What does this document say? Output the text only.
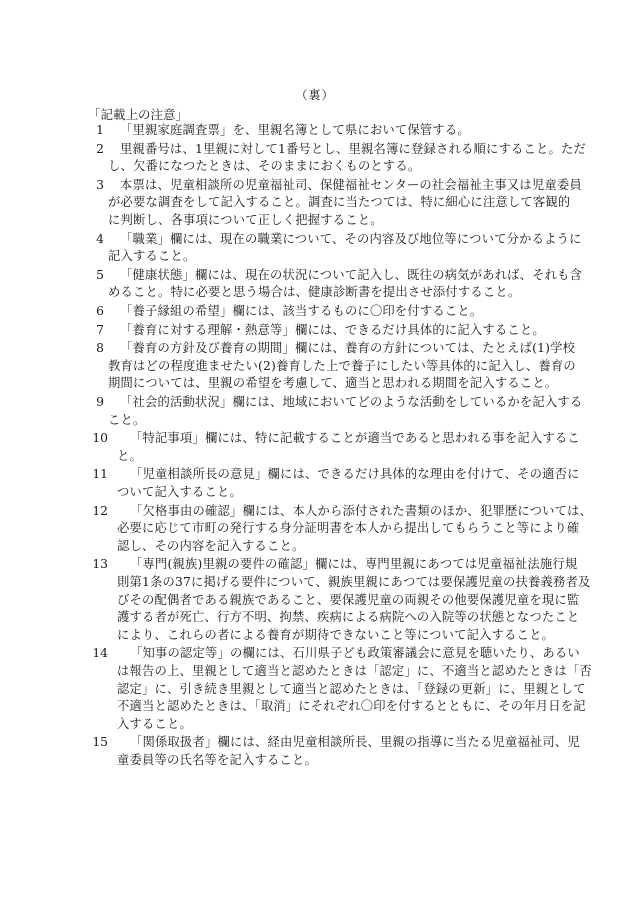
（裏）
「記載上の注意」
1 「里親家庭調査票」を、里親名簿として県において保管する。
2 里親番号は、1里親に対して1番号とし、里親名簿に登録される順にすること。ただ
し、欠番になつたときは、そのままにおくものとする。
3 本票は、児童相談所の児童福祉司、保健福祉センターの社会福祉主事又は児童委員
が必要な調査をして記入すること。調査に当たつては、特に細心に注意して客観的
に判断し、各事項について正しく把握すること。
4 「職業」欄には、現在の職業について、その内容及び地位等について分かるように
記入すること。
5 「健康状態」欄には、現在の状況について記入し、既往の病気があれば、それも含
めること。特に必要と思う場合は、健康診断書を提出させ添付すること。
6 「養子縁組の希望」欄には、該当するものに〇印を付すること。
7 「養育に対する理解・熱意等」欄には、できるだけ具体的に記入すること。
8 「養育の方針及び養育の期間」欄には、養育の方針については、たとえば(1)学校
教育はどの程度進ませたい(2)養育した上で養子にしたい等具体的に記入し、養育の
期間については、里親の希望を考慮して、適当と思われる期間を記入すること。
9 「社会的活動状況」欄には、地域においてどのような活動をしているかを記入する
こと。
10 「特記事項」欄には、特に記載することが適当であると思われる事を記入するこ
と。
11 「児童相談所長の意見」欄には、できるだけ具体的な理由を付けて、その適否に
ついて記入すること。
12 「欠格事由の確認」欄には、本人から添付された書類のほか、犯罪歴については、
必要に応じて市町の発行する身分証明書を本人から提出してもらうこと等により確
認し、その内容を記入すること。
13 「専門(親族)里親の要件の確認」欄には、専門里親にあつては児童福祉法施行規
則第1条の37に掲げる要件について、親族里親にあつては要保護児童の扶養義務者及
びその配偶者である親族であること、要保護児童の両親その他要保護児童を現に監
護する者が死亡、行方不明、拘禁、疾病による病院への入院等の状態となつたこと
により、これらの者による養育が期待できないこと等について記入すること。
14 「知事の認定等」の欄には、石川県子ども政策審議会に意見を聴いたり、あるい
は報告の上、里親として適当と認めたときは「認定」に、不適当と認めたときは「否
認定」に、引き続き里親として適当と認めたときは、「登録の更新」に、里親として
不適当と認めたときは、「取消」にそれぞれ〇印を付するとともに、その年月日を記
入すること。
15 「関係取扱者」欄には、経由児童相談所長、里親の指導に当たる児童福祉司、児
童委員等の氏名等を記入すること。
